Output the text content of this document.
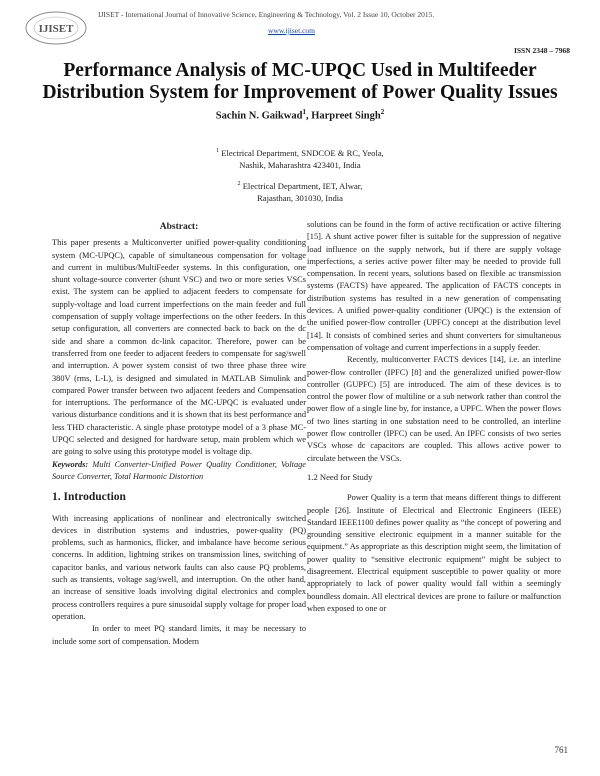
IJISET
IJISET - International Journal of Innovative Science, Engineering & Technology, Vol. 2 Issue 10, October 2015.
www.ijiset.com
ISSN 2348 – 7968
Performance Analysis of MC-UPQC Used in Multifeeder Distribution System for Improvement of Power Quality Issues
Sachin N. Gaikwad$^1$, Harpreet Singh$^2$
$^1$ Electrical Department, SNDCOE & RC, Yeola,
Nashik, Maharashtra 423401, India
$^2$ Electrical Department, IET, Alwar,
Rajasthan, 301030, India
Abstract:

This paper presents a Multiconverter unified power-quality conditioning system (MC-UPQC), capable of simultaneous compensation for voltage and current in multibus/MultiFeeder systems. In this configuration, one shunt voltage-source converter (shunt VSC) and two or more series VSCs exist. The system can be applied to adjacent feeders to compensate for supply-voltage and load current imperfections on the main feeder and full compensation of supply voltage imperfections on the other feeders. In this setup configuration, all converters are connected back to back on the dc side and share a common dc-link capacitor. Therefore, power can be transferred from one feeder to adjacent feeders to compensate for sag/swell and interruption. A power system consist of two three phase three wire 380V (rms, L-L), is designed and simulated in MATLAB Simulink and compared Power transfer between two adjacent feeders and Compensation for interruptions. The performance of the MC-UPQC is evaluated under various disturbance conditions and it is shown that its best performance and less THD characteristic. A single phase prototype model of a 3 phase MC-UPQC selected and designed for hardware setup, main problem which we are going to solve using this prototype model is voltage dip.

Keywords: Multi Converter-Unified Power Quality Conditioner, Voltage Source Converter, Total Harmonic Distortion

1. Introduction

With increasing applications of nonlinear and electronically switched devices in distribution systems and industries, power-quality (PQ) problems, such as harmonics, flicker, and imbalance have become serious concerns. In addition, lightning strikes on transmission lines, switching of capacitor banks, and various network faults can also cause PQ problems, such as transients, voltage sag/swell, and interruption. On the other hand, an increase of sensitive loads involving digital electronics and complex process controllers requires a pure sinusoidal supply voltage for proper load operation.

In order to meet PQ standard limits, it may be necessary to include some sort of compensation. Modern

solutions can be found in the form of active rectification or active filtering [15]. A shunt active power filter is suitable for the suppression of negative load influence on the supply network, but if there are supply voltage imperfections, a series active power filter may be needed to provide full compensation. In recent years, solutions based on flexible ac transmission systems (FACTS) have appeared. The application of FACTS concepts in distribution systems has resulted in a new generation of compensating devices. A unified power-quality conditioner (UPQC) is the extension of the unified power-flow controller (UPFC) concept at the distribution level [14]. It consists of combined series and shunt converters for simultaneous compensation of voltage and current imperfections in a supply feeder.

Recently, multiconverter FACTS devices [14], i.e. an interline power-flow controller (IPFC) [8] and the generalized unified power-flow controller (GUPFC) [5] are introduced. The aim of these devices is to control the power flow of multiline or a sub network rather than control the power flow of a single line by, for instance, a UPFC. When the power flows of two lines starting in one substation need to be controlled, an interline power flow controller (IPFC) can be used. An IPFC consists of two series VSCs whose dc capacitors are coupled. This allows active power to circulate between the VSCs.

1.2 Need for Study

Power Quality is a term that means different things to different people [26]. Institute of Electrical and Electronic Engineers (IEEE) Standard IEEE1100 defines power quality as “the concept of powering and grounding sensitive electronic equipment in a manner suitable for the equipment.” As appropriate as this description might seem, the limitation of power quality to “sensitive electronic equipment” might be subject to disagreement. Electrical equipment susceptible to power quality or more appropriately to lack of power quality would fall within a seemingly boundless domain. All electrical devices are prone to failure or malfunction when exposed to one or

761
